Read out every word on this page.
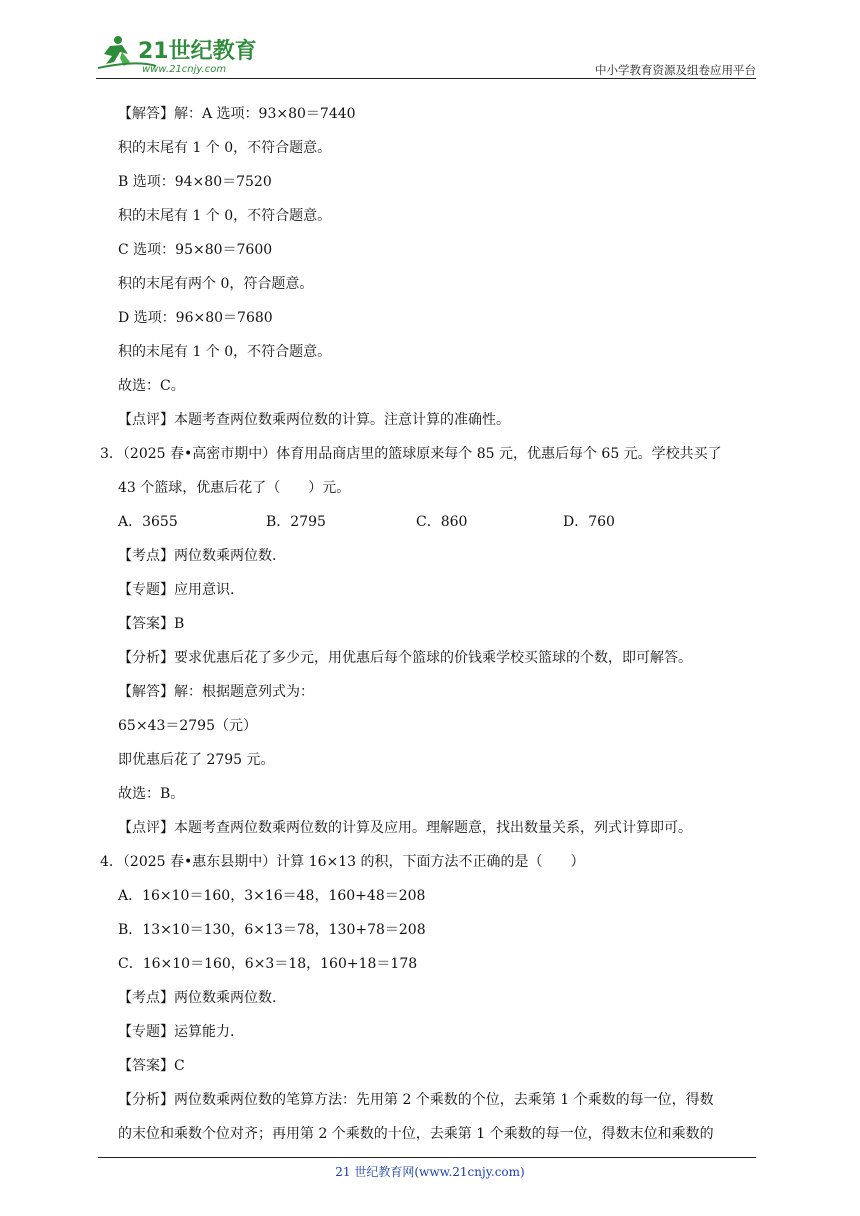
21世纪教育
www.21cnjy.com	中小学教育资源及组卷应用平台
【解答】解：A 选项：93×80＝7440
积的末尾有 1 个 0，不符合题意。
B 选项：94×80＝7520
积的末尾有 1 个 0，不符合题意。
C 选项：95×80＝7600
积的末尾有两个 0，符合题意。
D 选项：96×80＝7680
积的末尾有 1 个 0，不符合题意。
故选：C。
【点评】本题考查两位数乘两位数的计算。注意计算的准确性。
3．（2025 春•高密市期中）体育用品商店里的篮球原来每个 85 元，优惠后每个 65 元。学校共买了
43 个篮球，优惠后花了（　　）元。
A．3655	B．2795	C．860	D．760
【考点】两位数乘两位数.
【专题】应用意识.
【答案】B
【分析】要求优惠后花了多少元，用优惠后每个篮球的价钱乘学校买篮球的个数，即可解答。
【解答】解：根据题意列式为：
65×43＝2795（元）
即优惠后花了 2795 元。
故选：B。
【点评】本题考查两位数乘两位数的计算及应用。理解题意，找出数量关系，列式计算即可。
4．（2025 春•惠东县期中）计算 16×13 的积，下面方法不正确的是（　　）
A．16×10＝160，3×16＝48，160+48＝208
B．13×10＝130，6×13＝78，130+78＝208
C．16×10＝160，6×3＝18，160+18＝178
【考点】两位数乘两位数.
【专题】运算能力.
【答案】C
【分析】两位数乘两位数的笔算方法：先用第 2 个乘数的个位，去乘第 1 个乘数的每一位，得数
的末位和乘数个位对齐；再用第 2 个乘数的十位，去乘第 1 个乘数的每一位，得数末位和乘数的
21 世纪教育网(www.21cnjy.com)
